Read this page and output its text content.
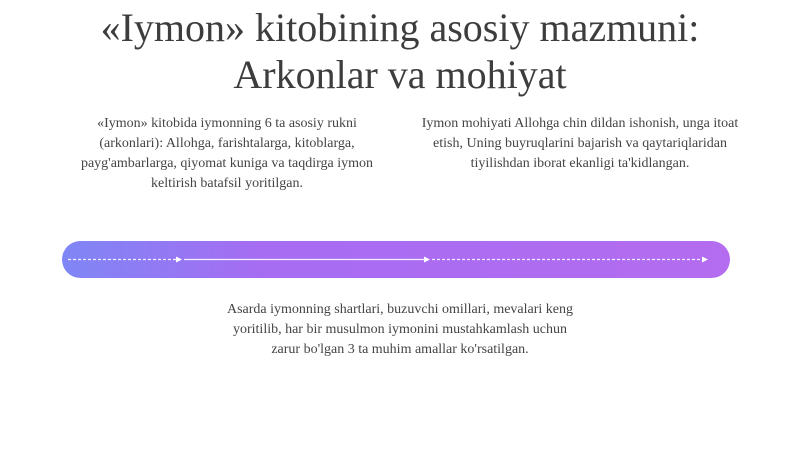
«Iymon» kitobining asosiy mazmuni:
Arkonlar va mohiyat
«Iymon» kitobida iymonning 6 ta asosiy rukni (arkonlari): Allohga, farishtalarga, kitoblarga, payg'ambarlarga, qiyomat kuniga va taqdirga iymon keltirish batafsil yoritilgan.
Iymon mohiyati Allohga chin dildan ishonish, unga itoat etish, Uning buyruqlarini bajarish va qaytariqlaridan tiyilishdan iborat ekanligi ta'kidlangan.
Asarda iymonning shartlari, buzuvchi omillari, mevalari keng yoritilib, har bir musulmon iymonini mustahkamlash uchun zarur bo'lgan 3 ta muhim amallar ko'rsatilgan.
